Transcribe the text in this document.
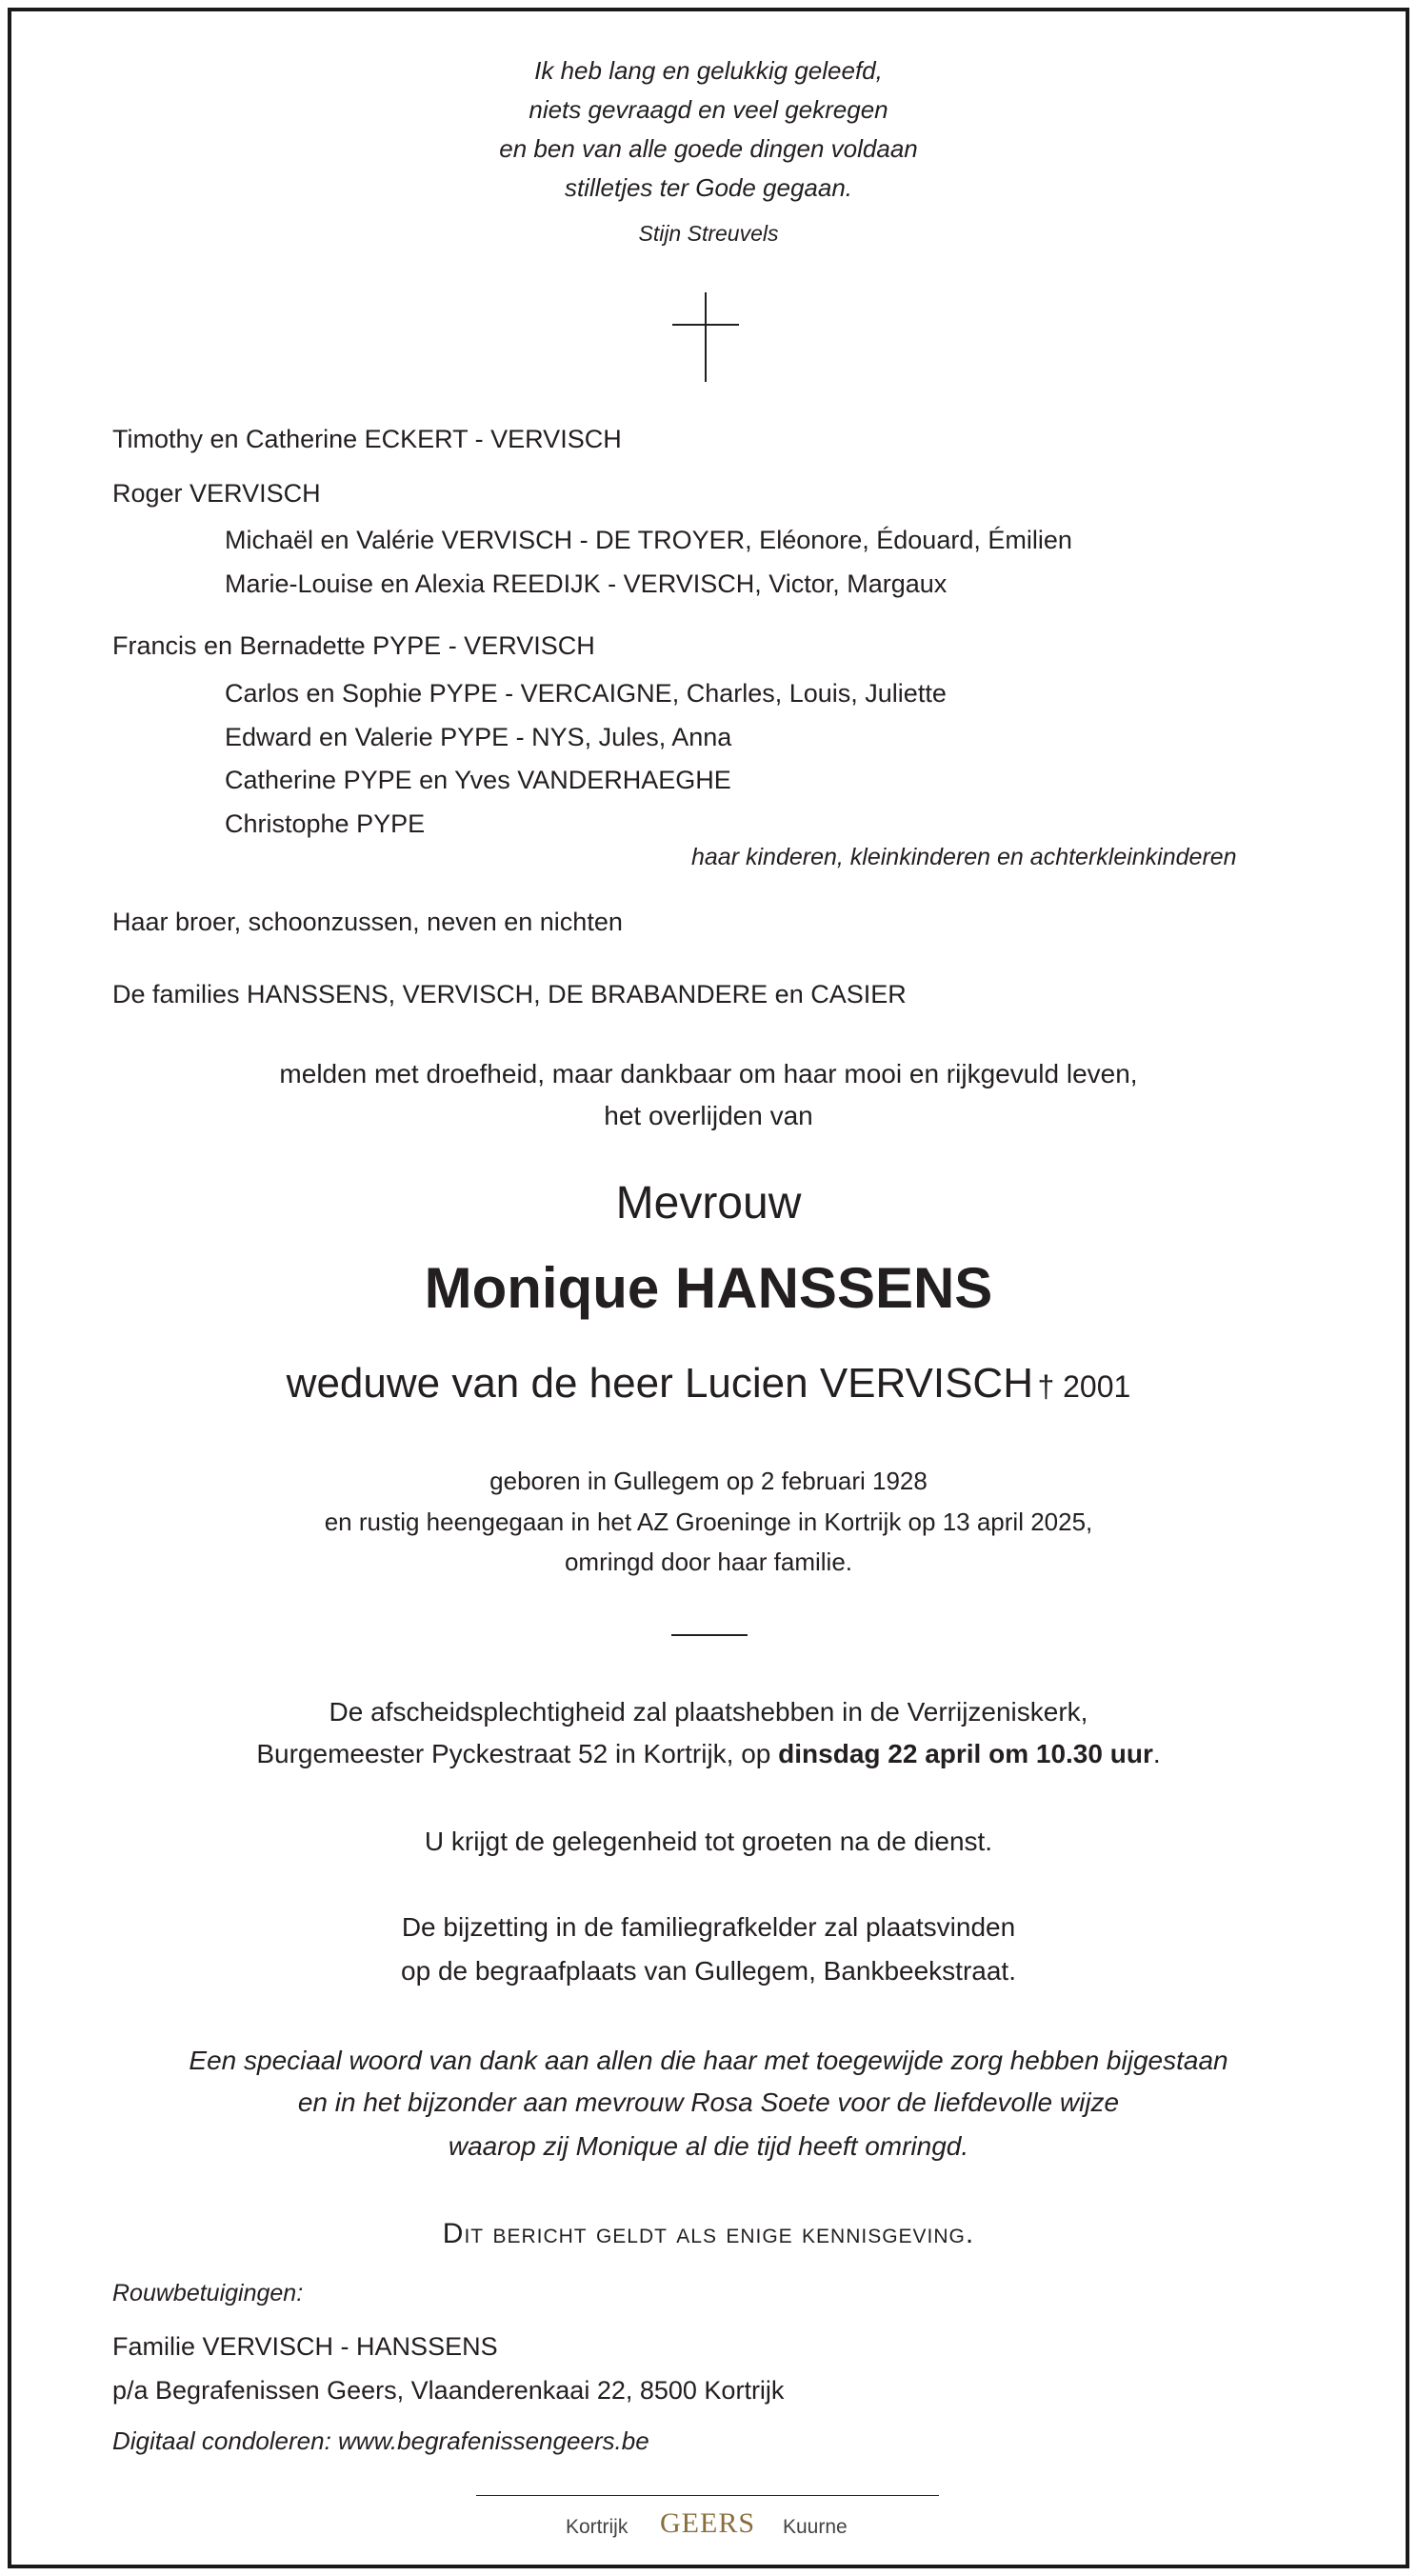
Ik heb lang en gelukkig geleefd,
niets gevraagd en veel gekregen
en ben van alle goede dingen voldaan
stilletjes ter Gode gegaan.
Stijn Streuvels
Timothy en Catherine ECKERT - VERVISCH
Roger VERVISCH
Michaël en Valérie VERVISCH - DE TROYER, Eléonore, Édouard, Émilien
Marie-Louise en Alexia REEDIJK - VERVISCH, Victor, Margaux
Francis en Bernadette PYPE - VERVISCH
Carlos en Sophie PYPE - VERCAIGNE, Charles, Louis, Juliette
Edward en Valerie PYPE - NYS, Jules, Anna
Catherine PYPE en Yves VANDERHAEGHE
Christophe PYPE
haar kinderen, kleinkinderen en achterkleinkinderen
Haar broer, schoonzussen, neven en nichten
De families HANSSENS, VERVISCH, DE BRABANDERE en CASIER
melden met droefheid, maar dankbaar om haar mooi en rijkgevuld leven,
het overlijden van
Mevrouw
Monique HANSSENS
weduwe van de heer Lucien VERVISCH † 2001
geboren in Gullegem op 2 februari 1928
en rustig heengegaan in het AZ Groeninge in Kortrijk op 13 april 2025,
omringd door haar familie.
De afscheidsplechtigheid zal plaatshebben in de Verrijzeniskerk,
Burgemeester Pyckestraat 52 in Kortrijk, op dinsdag 22 april om 10.30 uur.
U krijgt de gelegenheid tot groeten na de dienst.
De bijzetting in de familiegrafkelder zal plaatsvinden
op de begraafplaats van Gullegem, Bankbeekstraat.
Een speciaal woord van dank aan allen die haar met toegewijde zorg hebben bijgestaan
en in het bijzonder aan mevrouw Rosa Soete voor de liefdevolle wijze
waarop zij Monique al die tijd heeft omringd.
Dit bericht geldt als enige kennisgeving.
Rouwbetuigingen:
Familie VERVISCH - HANSSENS
p/a Begrafenissen Geers, Vlaanderenkaai 22, 8500 Kortrijk
Digitaal condoleren: www.begrafenissengeers.be
Kortrijk GEERS Kuurne
